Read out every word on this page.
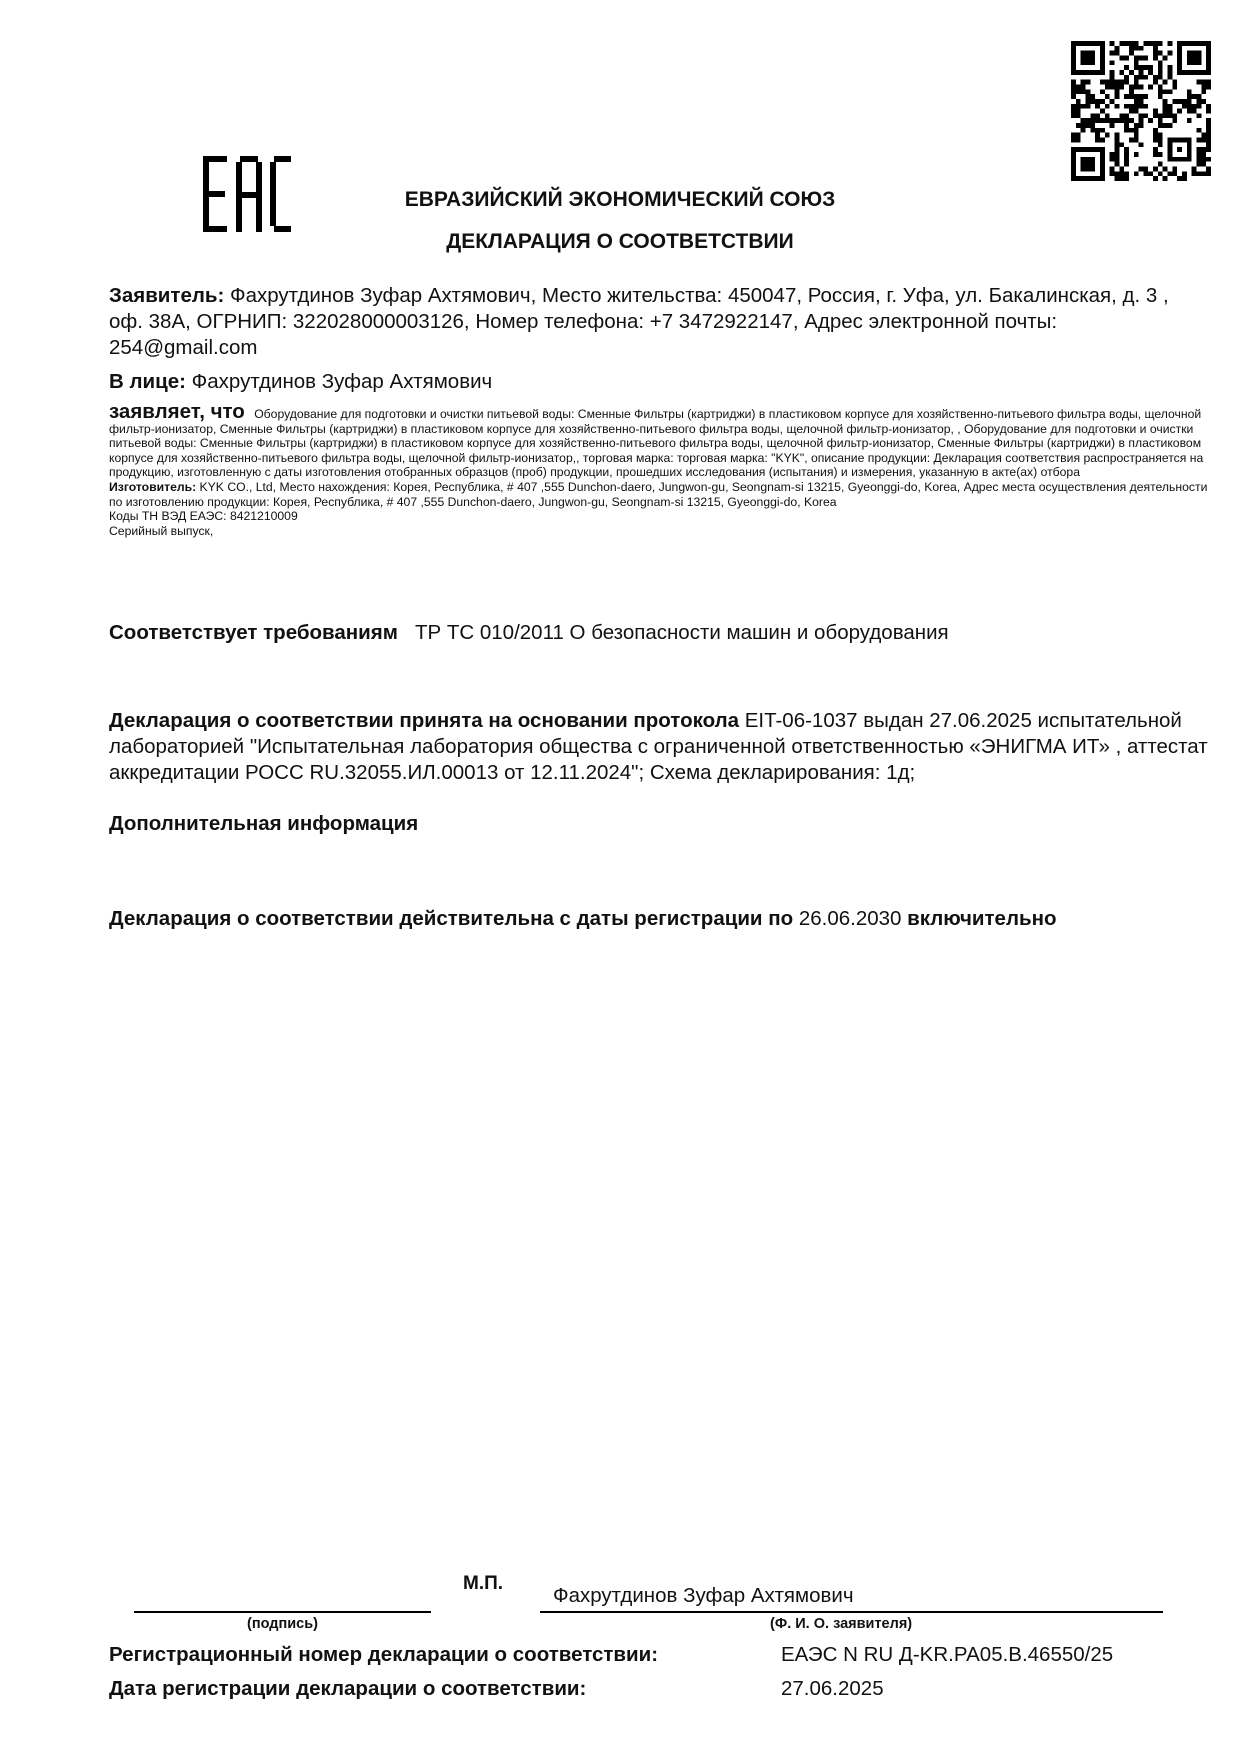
ЕВРАЗИЙСКИЙ ЭКОНОМИЧЕСКИЙ СОЮЗ
ДЕКЛАРАЦИЯ О СООТВЕТСТВИИ
Заявитель: Фахрутдинов Зуфар Ахтямович, Место жительства: 450047, Россия, г. Уфа, ул. Бакалинская, д. 3 , оф. 38А, ОГРНИП: 322028000003126, Номер телефона: +7 3472922147, Адрес электронной почты: 254@gmail.com
В лице: Фахрутдинов Зуфар Ахтямович
заявляет, что Оборудование для подготовки и очистки питьевой воды: Сменные Фильтры (картриджи) в пластиковом корпусе для хозяйственно-питьевого фильтра воды, щелочной фильтр-ионизатор, Сменные Фильтры (картриджи) в пластиковом корпусе для хозяйственно-питьевого фильтра воды, щелочной фильтр-ионизатор, , Оборудование для подготовки и очистки питьевой воды: Сменные Фильтры (картриджи) в пластиковом корпусе для хозяйственно-питьевого фильтра воды, щелочной фильтр-ионизатор, Сменные Фильтры (картриджи) в пластиковом корпусе для хозяйственно-питьевого фильтра воды, щелочной фильтр-ионизатор,, торговая марка: торговая марка: "KYK", описание продукции: Декларация соответствия распространяется на продукцию, изготовленную с даты изготовления отобранных образцов (проб) продукции, прошедших исследования (испытания) и измерения, указанную в акте(ах) отбора
Изготовитель: KYK CO., Ltd, Место нахождения: Корея, Республика, # 407 ,555 Dunchon-daero, Jungwon-gu, Seongnam-si 13215, Gyeonggi-do, Korea, Адрес места осуществления деятельности по изготовлению продукции: Корея, Республика, # 407 ,555 Dunchon-daero, Jungwon-gu, Seongnam-si 13215, Gyeonggi-do, Korea
Коды ТН ВЭД ЕАЭС: 8421210009
Серийный выпуск,
Соответствует требованиям ТР ТС 010/2011 О безопасности машин и оборудования
Декларация о соответствии принята на основании протокола EIT-06-1037 выдан 27.06.2025 испытательной лабораторией "Испытательная лаборатория общества с ограниченной ответственностью «ЭНИГМА ИТ» , аттестат аккредитации РОСС RU.32055.ИЛ.00013 от 12.11.2024"; Схема декларирования: 1д;
Дополнительная информация
Декларация о соответствии действительна с даты регистрации по 26.06.2030 включительно
М.П.
Фахрутдинов Зуфар Ахтямович
(подпись)	(Ф. И. О. заявителя)
Регистрационный номер декларации о соответствии:	ЕАЭС N RU Д-KR.РА05.В.46550/25
Дата регистрации декларации о соответствии:	27.06.2025
